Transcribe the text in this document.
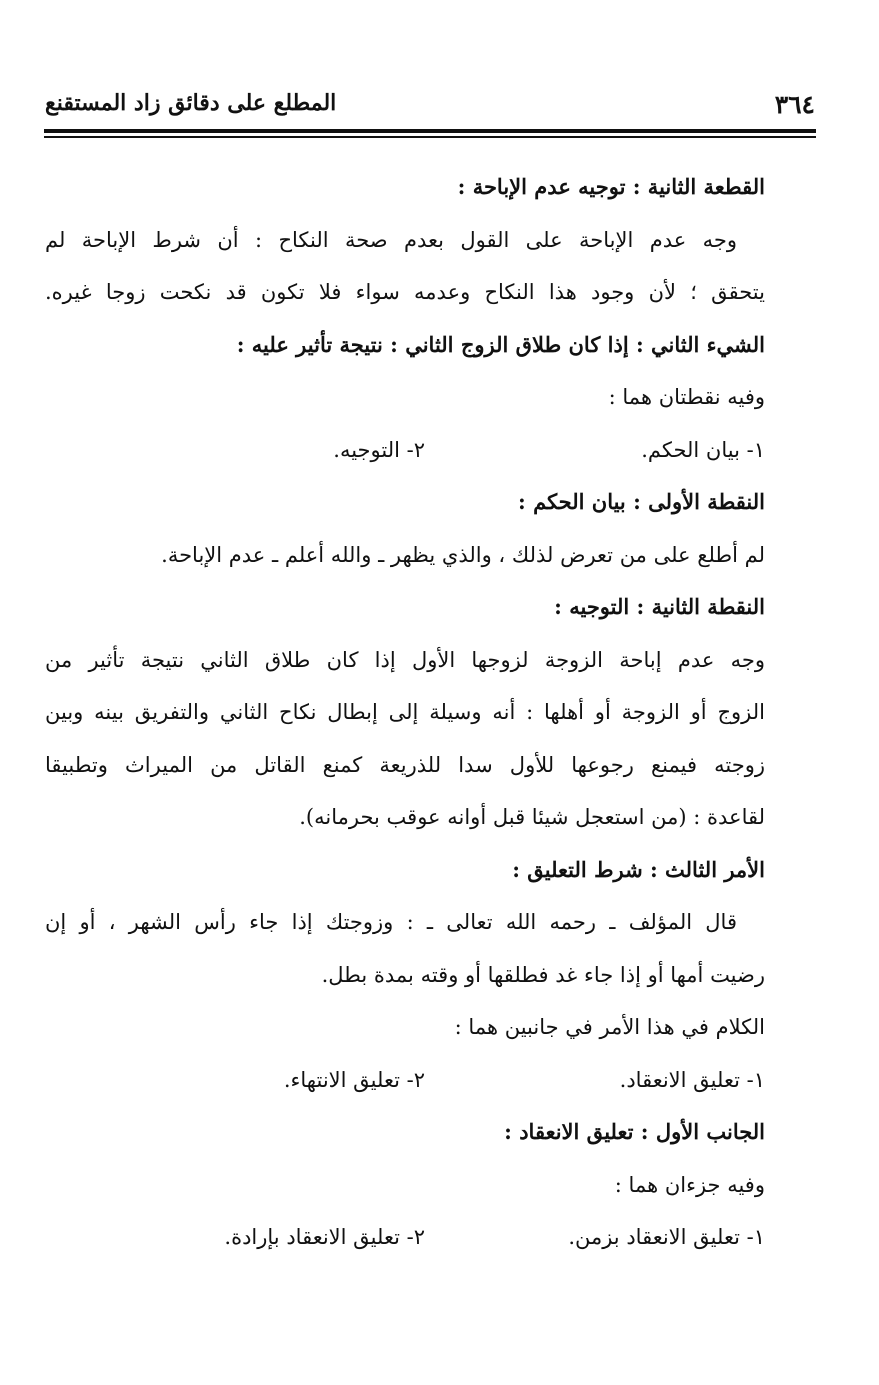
٣٦٤
المطلع على دقائق زاد المستقنع
القطعة الثانية : توجيه عدم الإباحة :
وجه عدم الإباحة على القول بعدم صحة النكاح : أن شرط الإباحة لم
يتحقق ؛ لأن وجود هذا النكاح وعدمه سواء فلا تكون قد نكحت زوجا غيره.
الشيء الثاني : إذا كان طلاق الزوج الثاني : نتيجة تأثير عليه :
وفيه نقطتان هما :
١- بيان الحكم.
٢- التوجيه.
النقطة الأولى : بيان الحكم :
لم أطلع على من تعرض لذلك ، والذي يظهر ـ والله أعلم ـ عدم الإباحة.
النقطة الثانية : التوجيه :
وجه عدم إباحة الزوجة لزوجها الأول إذا كان طلاق الثاني نتيجة تأثير من
الزوج أو الزوجة أو أهلها : أنه وسيلة إلى إبطال نكاح الثاني والتفريق بينه وبين
زوجته فيمنع رجوعها للأول سدا للذريعة كمنع القاتل من الميراث وتطبيقا
لقاعدة : (من استعجل شيئا قبل أوانه عوقب بحرمانه).
الأمر الثالث : شرط التعليق :
قال المؤلف ـ رحمه الله تعالى ـ : وزوجتك إذا جاء رأس الشهر ، أو إن
رضيت أمها أو إذا جاء غد فطلقها أو وقته بمدة بطل.
الكلام في هذا الأمر في جانبين هما :
١- تعليق الانعقاد.
٢- تعليق الانتهاء.
الجانب الأول : تعليق الانعقاد :
وفيه جزءان هما :
١- تعليق الانعقاد بزمن.
٢- تعليق الانعقاد بإرادة.
